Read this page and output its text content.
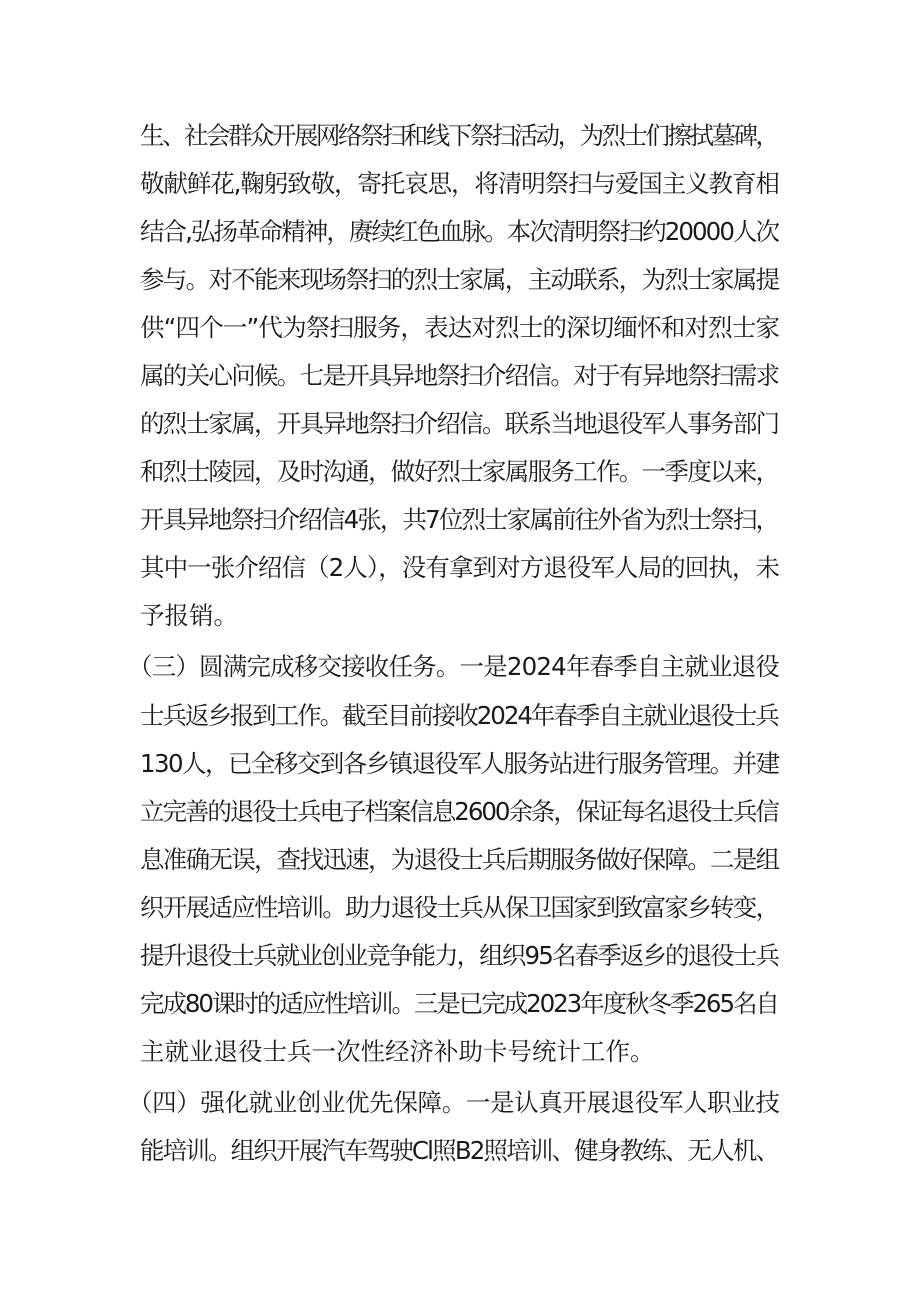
生、社会群众开展网络祭扫和线下祭扫活动，为烈士们擦拭墓碑，
敬献鲜花,鞠躬致敬，寄托哀思，将清明祭扫与爱国主义教育相
结合,弘扬革命精神，赓续红色血脉。本次清明祭扫约20000人次
参与。对不能来现场祭扫的烈士家属，主动联系，为烈士家属提
供“四个一”代为祭扫服务，表达对烈士的深切缅怀和对烈士家
属的关心问候。七是开具异地祭扫介绍信。对于有异地祭扫需求
的烈士家属，开具异地祭扫介绍信。联系当地退役军人事务部门
和烈士陵园，及时沟通，做好烈士家属服务工作。一季度以来，
开具异地祭扫介绍信4张，共7位烈士家属前往外省为烈士祭扫，
其中一张介绍信（2人），没有拿到对方退役军人局的回执，未
予报销。
（三）圆满完成移交接收任务。一是2024年春季自主就业退役
士兵返乡报到工作。截至目前接收2024年春季自主就业退役士兵
130人，已全移交到各乡镇退役军人服务站进行服务管理。并建
立完善的退役士兵电子档案信息2600余条，保证每名退役士兵信
息准确无误，查找迅速，为退役士兵后期服务做好保障。二是组
织开展适应性培训。助力退役士兵从保卫国家到致富家乡转变，
提升退役士兵就业创业竞争能力，组织95名春季返乡的退役士兵
完成80课时的适应性培训。三是已完成2023年度秋冬季265名自
主就业退役士兵一次性经济补助卡号统计工作。
（四）强化就业创业优先保障。一是认真开展退役军人职业技
能培训。组织开展汽车驾驶Cl照B2照培训、健身教练、无人机、
